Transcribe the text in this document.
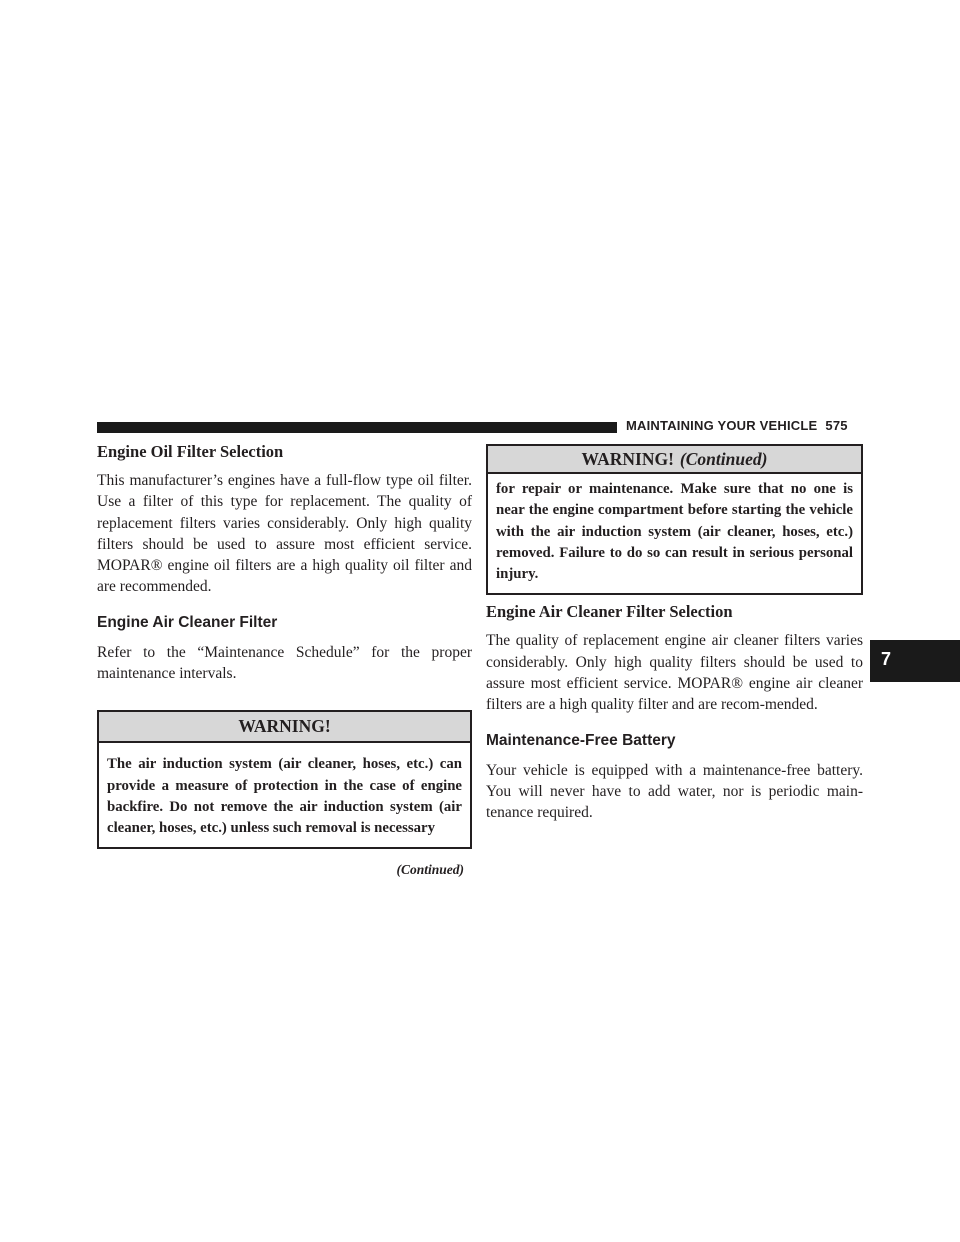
MAINTAINING YOUR VEHICLE 575
7
Engine Oil Filter Selection

This manufacturer’s engines have a full-flow type oil filter. Use a filter of this type for replacement. The quality of replacement filters varies considerably. Only high quality filters should be used to assure most efficient service. MOPAR® engine oil filters are a high quality oil filter and are recommended.

Engine Air Cleaner Filter

Refer to the “Maintenance Schedule” for the proper maintenance intervals.

WARNING!
The air induction system (air cleaner, hoses, etc.) can provide a measure of protection in the case of engine backfire. Do not remove the air induction system (air cleaner, hoses, etc.) unless such removal is necessary
(Continued)
WARNING! (Continued)
for repair or maintenance. Make sure that no one is near the engine compartment before starting the vehicle with the air induction system (air cleaner, hoses, etc.) removed. Failure to do so can result in serious personal injury.
Engine Air Cleaner Filter Selection

The quality of replacement engine air cleaner filters varies considerably. Only high quality filters should be used to assure most efficient service. MOPAR® engine air cleaner filters are a high quality filter and are recom-mended.

Maintenance-Free Battery

Your vehicle is equipped with a maintenance-free battery. You will never have to add water, nor is periodic main-tenance required.
